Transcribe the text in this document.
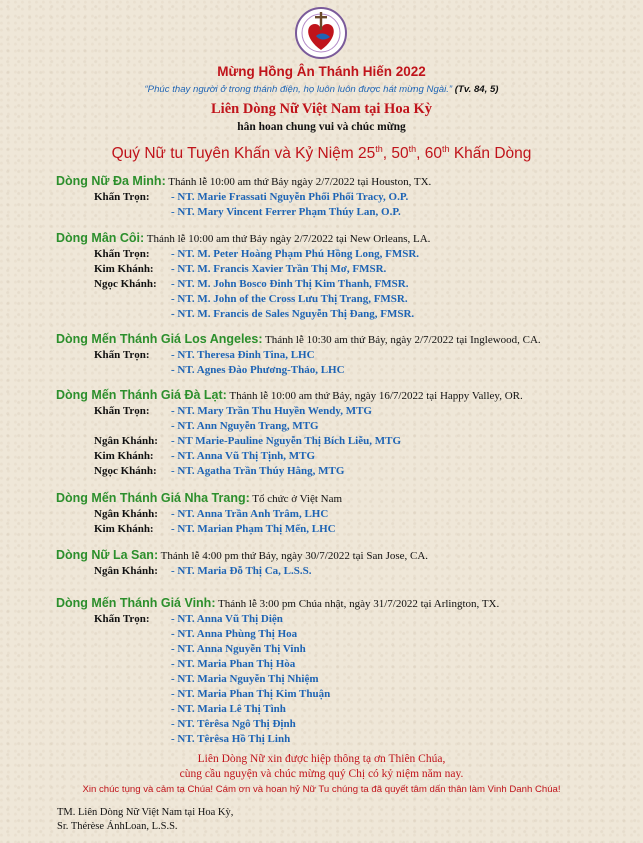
Mừng Hồng Ân Thánh Hiến 2022
“Phúc thay người ở trong thánh điện, họ luôn luôn được hát mừng Ngài.” (Tv. 84, 5)
Liên Dòng Nữ Việt Nam tại Hoa Kỳ
hân hoan chung vui và chúc mừng
Quý Nữ tu Tuyên Khấn và Kỷ Niệm 25th, 50th, 60th Khấn Dòng
Dòng Nữ Đa Minh: Thánh lễ 10:00 am thứ Bảy ngày 2/7/2022 tại Houston, TX.
Khấn Trọn: - NT. Marie Frassati Nguyễn Phối Phối Tracy, O.P.
- NT. Mary Vincent Ferrer Phạm Thúy Lan, O.P.
Dòng Mân Côi: Thánh lễ 10:00 am thứ Bảy ngày 2/7/2022 tại New Orleans, LA.
Khấn Trọn: - NT. M. Peter Hoàng Phạm Phú Hồng Long, FMSR.
Kim Khánh: - NT. M. Francis Xavier Trần Thị Mơ, FMSR.
Ngọc Khánh: - NT. M. John Bosco Đinh Thị Kim Thanh, FMSR.
- NT. M. John of the Cross Lưu Thị Trang, FMSR.
- NT. M. Francis de Sales Nguyễn Thị Đang, FMSR.
Dòng Mến Thánh Giá Los Angeles: Thánh lễ 10:30 am thứ Bảy, ngày 2/7/2022 tại Inglewood, CA.
Khấn Trọn: - NT. Theresa Đinh Tina, LHC
- NT. Agnes Đào Phương-Thảo, LHC
Dòng Mến Thánh Giá Đà Lạt: Thánh lễ 10:00 am thứ Bảy, ngày 16/7/2022 tại Happy Valley, OR.
Khấn Trọn: - NT. Mary Trần Thu Huyền Wendy, MTG
- NT. Ann Nguyễn Trang, MTG
Ngân Khánh: - NT Marie-Pauline Nguyễn Thị Bích Liễu, MTG
Kim Khánh: - NT. Anna Vũ Thị Tịnh, MTG
Ngọc Khánh: - NT. Agatha Trần Thúy Hằng, MTG
Dòng Mến Thánh Giá Nha Trang: Tổ chức ở Việt Nam
Ngân Khánh: - NT. Anna Trần Anh Trâm, LHC
Kim Khánh: - NT. Marian Phạm Thị Mến, LHC
Dòng Nữ La San: Thánh lễ 4:00 pm thứ Bảy, ngày 30/7/2022 tại San Jose, CA.
Ngân Khánh: - NT. Maria Đỗ Thị Ca, L.S.S.
Dòng Mến Thánh Giá Vinh: Thánh lễ 3:00 pm Chúa nhật, ngày 31/7/2022 tại Arlington, TX.
Khấn Trọn: - NT. Anna Vũ Thị Diện
- NT. Anna Phùng Thị Hoa
- NT. Anna Nguyễn Thị Vinh
- NT. Maria Phan Thị Hòa
- NT. Maria Nguyễn Thị Nhiệm
- NT. Maria Phan Thị Kim Thuận
- NT. Maria Lê Thị Tình
- NT. Têrêsa Ngô Thị Định
- NT. Têrêsa Hồ Thị Linh
Liên Dòng Nữ xin được hiệp thông tạ ơn Thiên Chúa,
cùng cầu nguyện và chúc mừng quý Chị có kỷ niệm năm nay.
Xin chúc tụng và cảm tạ Chúa! Cám ơn và hoan hỷ Nữ Tu chúng ta đã quyết tâm dấn thân làm Vinh Danh Chúa!
TM. Liên Dòng Nữ Việt Nam tại Hoa Kỳ,
Sr. Thérèse ÁnhLoan, L.S.S.
